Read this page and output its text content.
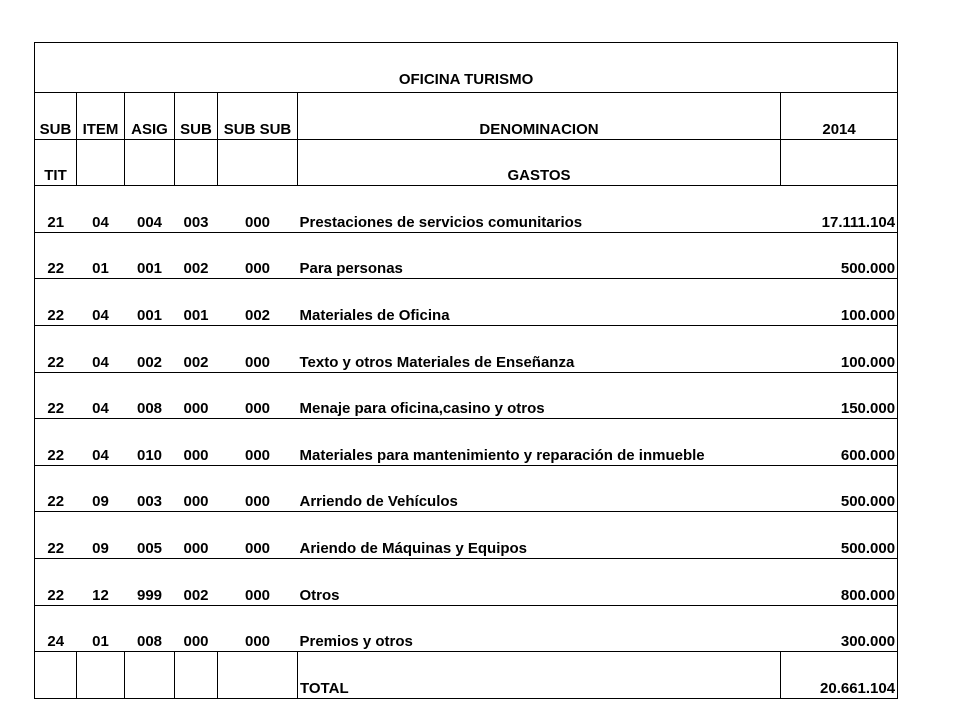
OFICINA TURISMO						
SUB	ITEM	ASIG	SUB	SUB SUB	DENOMINACION	2014
TIT					GASTOS	
21	04	004	003	000	Prestaciones de servicios comunitarios	17.111.104
22	01	001	002	000	Para personas	500.000
22	04	001	001	002	Materiales de Oficina	100.000
22	04	002	002	000	Texto y otros Materiales de Enseñanza	100.000
22	04	008	000	000	Menaje para oficina,casino y otros	150.000
22	04	010	000	000	Materiales para mantenimiento y reparación de inmueble	600.000
22	09	003	000	000	Arriendo de Vehículos	500.000
22	09	005	000	000	Ariendo de Máquinas y Equipos	500.000
22	12	999	002	000	Otros	800.000
24	01	008	000	000	Premios y otros	300.000
					TOTAL	20.661.104
